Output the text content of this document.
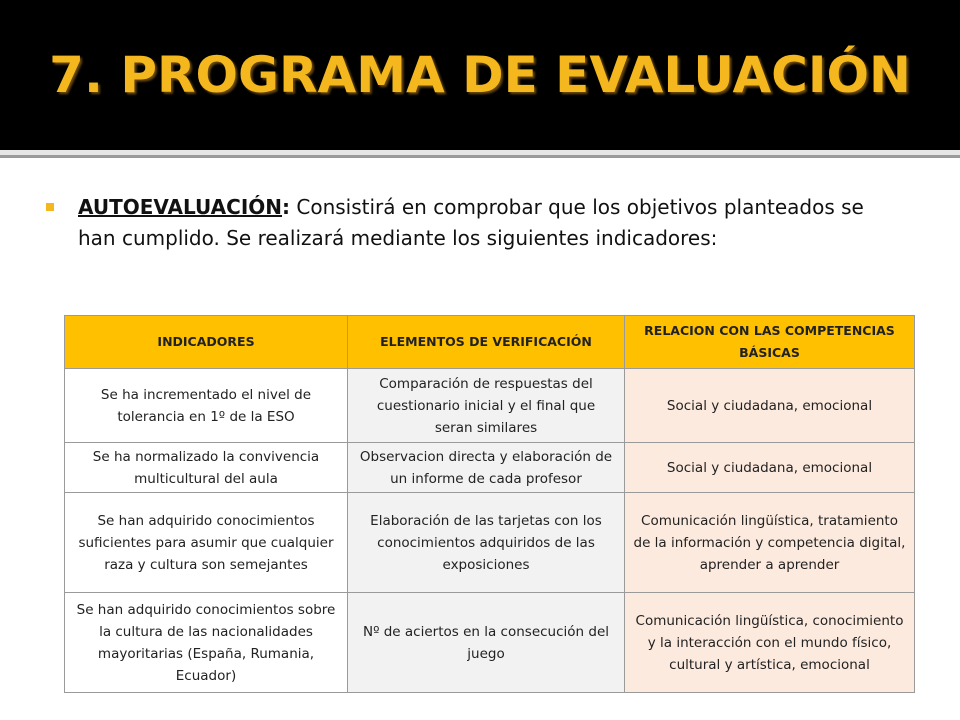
7. PROGRAMA DE EVALUACIÓN
AUTOEVALUACIÓN: Consistirá en comprobar que los objetivos planteados se han cumplido. Se realizará mediante los siguientes indicadores:
INDICADORES	ELEMENTOS DE VERIFICACIÓN	RELACION CON LAS COMPETENCIAS BÁSICAS
Se ha incrementado el nivel de tolerancia en 1º de la ESO	Comparación de respuestas del cuestionario inicial y el final que seran similares	Social y ciudadana, emocional
Se ha normalizado la convivencia multicultural del aula	Observacion directa y elaboración de un informe de cada profesor	Social y ciudadana, emocional
Se han adquirido conocimientos suficientes para asumir que cualquier raza y cultura son semejantes	Elaboración de las tarjetas con los conocimientos adquiridos de las exposiciones	Comunicación lingüística, tratamiento de la información y competencia digital, aprender a aprender
Se han adquirido conocimientos sobre la cultura de las nacionalidades mayoritarias (España, Rumania, Ecuador)	Nº de aciertos en la consecución del juego	Comunicación lingüística, conocimiento y la interacción con el mundo físico, cultural y artística, emocional
